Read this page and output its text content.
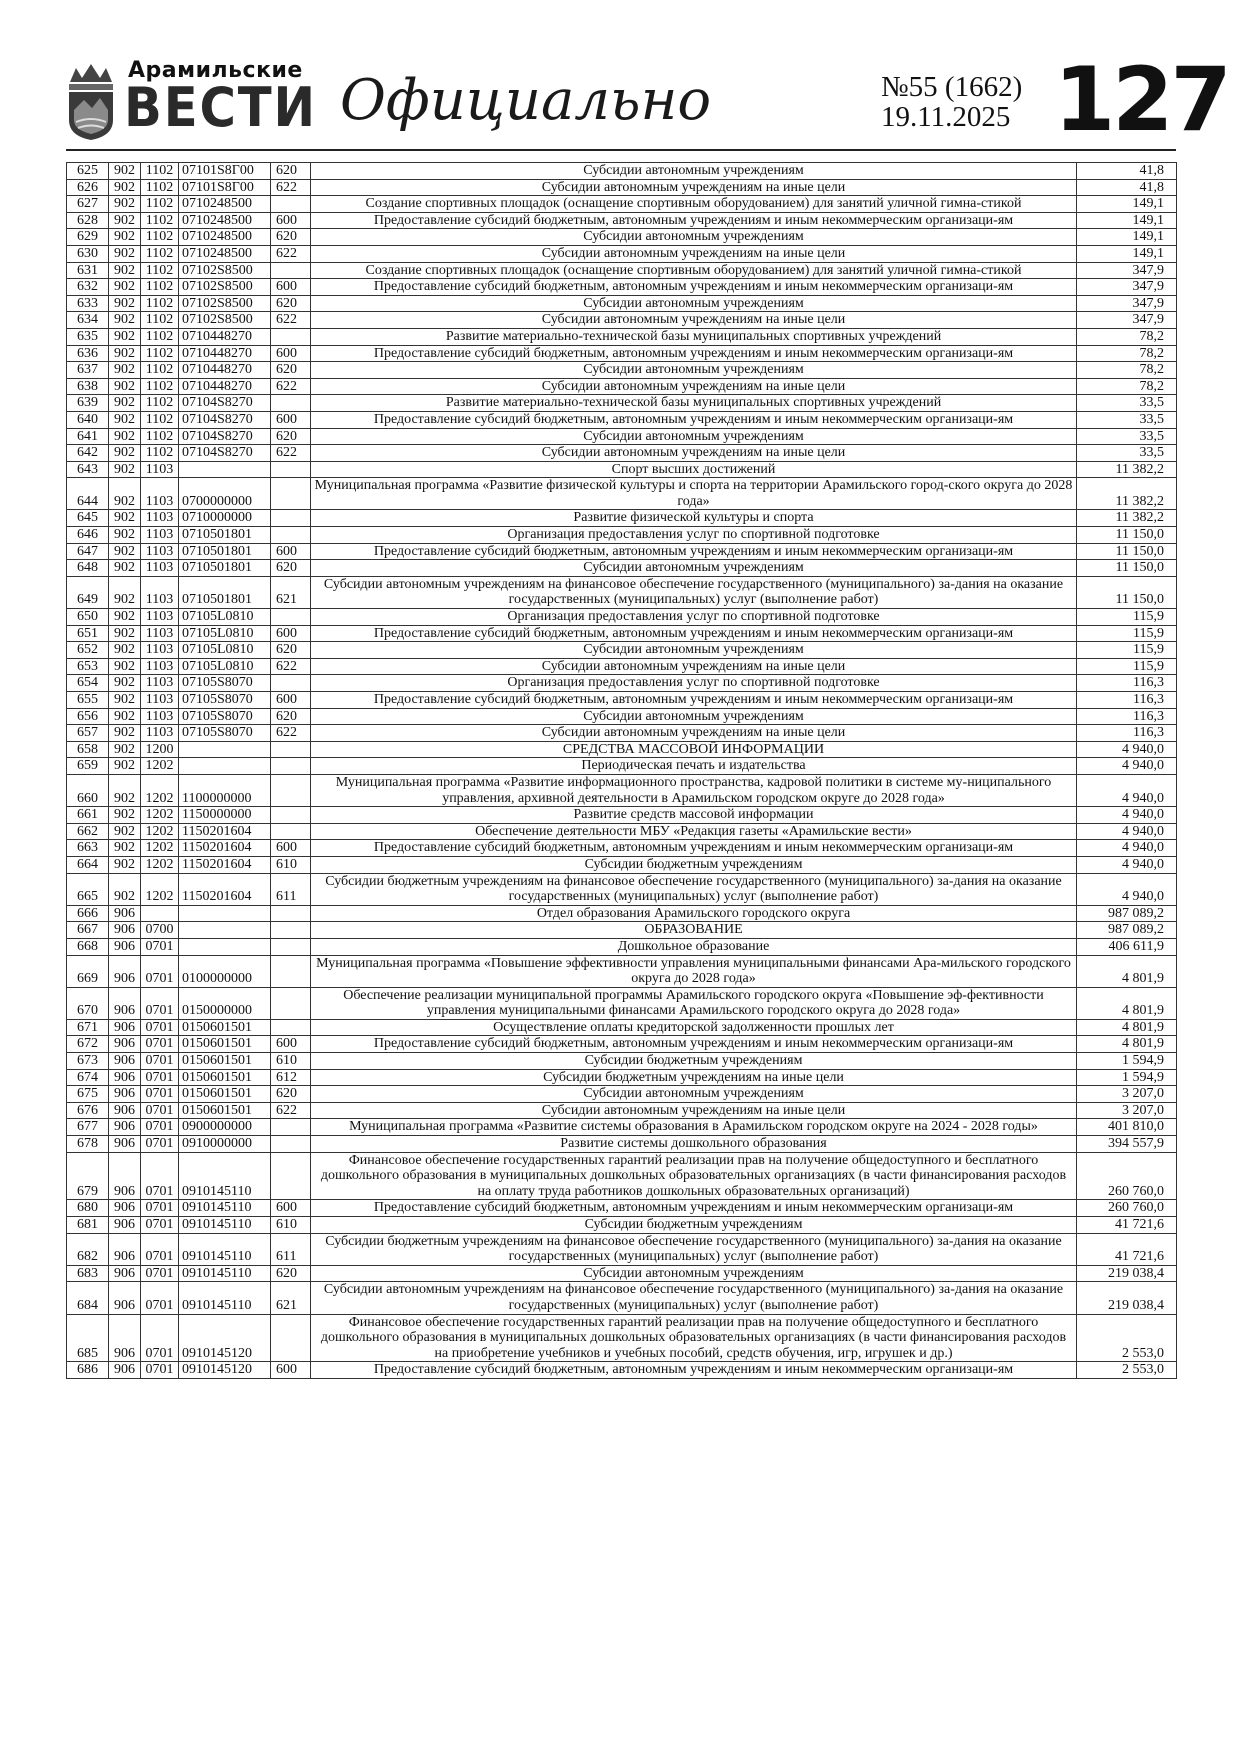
Арамильские
ВЕСТИ Официально	№55 (1662)
19.11.2025 127
625	902	1102	07101S8Г00	620	Субсидии автономным учреждениям	41,8
626	902	1102	07101S8Г00	622	Субсидии автономным учреждениям на иные цели	41,8
627	902	1102	0710248500		Создание спортивных площадок (оснащение спортивным оборудованием) для занятий уличной гимна-стикой	149,1
628	902	1102	0710248500	600	Предоставление субсидий бюджетным, автономным учреждениям и иным некоммерческим организаци-ям	149,1
629	902	1102	0710248500	620	Субсидии автономным учреждениям	149,1
630	902	1102	0710248500	622	Субсидии автономным учреждениям на иные цели	149,1
631	902	1102	07102S8500		Создание спортивных площадок (оснащение спортивным оборудованием) для занятий уличной гимна-стикой	347,9
632	902	1102	07102S8500	600	Предоставление субсидий бюджетным, автономным учреждениям и иным некоммерческим организаци-ям	347,9
633	902	1102	07102S8500	620	Субсидии автономным учреждениям	347,9
634	902	1102	07102S8500	622	Субсидии автономным учреждениям на иные цели	347,9
635	902	1102	0710448270		Развитие материально-технической базы муниципальных спортивных учреждений	78,2
636	902	1102	0710448270	600	Предоставление субсидий бюджетным, автономным учреждениям и иным некоммерческим организаци-ям	78,2
637	902	1102	0710448270	620	Субсидии автономным учреждениям	78,2
638	902	1102	0710448270	622	Субсидии автономным учреждениям на иные цели	78,2
639	902	1102	07104S8270		Развитие материально-технической базы муниципальных спортивных учреждений	33,5
640	902	1102	07104S8270	600	Предоставление субсидий бюджетным, автономным учреждениям и иным некоммерческим организаци-ям	33,5
641	902	1102	07104S8270	620	Субсидии автономным учреждениям	33,5
642	902	1102	07104S8270	622	Субсидии автономным учреждениям на иные цели	33,5
643	902	1103			Спорт высших достижений	11 382,2
644	902	1103	0700000000		Муниципальная программа «Развитие физической культуры и спорта на территории Арамильского город-ского округа до 2028 года»	11 382,2
645	902	1103	0710000000		Развитие физической культуры и спорта	11 382,2
646	902	1103	0710501801		Организация предоставления услуг по спортивной подготовке	11 150,0
647	902	1103	0710501801	600	Предоставление субсидий бюджетным, автономным учреждениям и иным некоммерческим организаци-ям	11 150,0
648	902	1103	0710501801	620	Субсидии автономным учреждениям	11 150,0
649	902	1103	0710501801	621	Субсидии автономным учреждениям на финансовое обеспечение государственного (муниципального) за-дания на оказание государственных (муниципальных) услуг (выполнение работ)	11 150,0
650	902	1103	07105L0810		Организация предоставления услуг по спортивной подготовке	115,9
651	902	1103	07105L0810	600	Предоставление субсидий бюджетным, автономным учреждениям и иным некоммерческим организаци-ям	115,9
652	902	1103	07105L0810	620	Субсидии автономным учреждениям	115,9
653	902	1103	07105L0810	622	Субсидии автономным учреждениям на иные цели	115,9
654	902	1103	07105S8070		Организация предоставления услуг по спортивной подготовке	116,3
655	902	1103	07105S8070	600	Предоставление субсидий бюджетным, автономным учреждениям и иным некоммерческим организаци-ям	116,3
656	902	1103	07105S8070	620	Субсидии автономным учреждениям	116,3
657	902	1103	07105S8070	622	Субсидии автономным учреждениям на иные цели	116,3
658	902	1200			СРЕДСТВА МАССОВОЙ ИНФОРМАЦИИ	4 940,0
659	902	1202			Периодическая печать и издательства	4 940,0
660	902	1202	1100000000		Муниципальная программа «Развитие информационного пространства, кадровой политики в системе му-ниципального управления, архивной деятельности в Арамильском городском округе до 2028 года»	4 940,0
661	902	1202	1150000000		Развитие средств массовой информации	4 940,0
662	902	1202	1150201604		Обеспечение деятельности МБУ «Редакция газеты «Арамильские вести»	4 940,0
663	902	1202	1150201604	600	Предоставление субсидий бюджетным, автономным учреждениям и иным некоммерческим организаци-ям	4 940,0
664	902	1202	1150201604	610	Субсидии бюджетным учреждениям	4 940,0
665	902	1202	1150201604	611	Субсидии бюджетным учреждениям на финансовое обеспечение государственного (муниципального) за-дания на оказание государственных (муниципальных) услуг (выполнение работ)	4 940,0
666	906				Отдел образования Арамильского городского округа	987 089,2
667	906	0700			ОБРАЗОВАНИЕ	987 089,2
668	906	0701			Дошкольное образование	406 611,9
669	906	0701	0100000000		Муниципальная программа «Повышение эффективности управления муниципальными финансами Ара-мильского городского округа до 2028 года»	4 801,9
670	906	0701	0150000000		Обеспечение реализации муниципальной программы Арамильского городского округа «Повышение эф-фективности управления муниципальными финансами Арамильского городского округа до 2028 года»	4 801,9
671	906	0701	0150601501		Осуществление оплаты кредиторской задолженности прошлых лет	4 801,9
672	906	0701	0150601501	600	Предоставление субсидий бюджетным, автономным учреждениям и иным некоммерческим организаци-ям	4 801,9
673	906	0701	0150601501	610	Субсидии бюджетным учреждениям	1 594,9
674	906	0701	0150601501	612	Субсидии бюджетным учреждениям на иные цели	1 594,9
675	906	0701	0150601501	620	Субсидии автономным учреждениям	3 207,0
676	906	0701	0150601501	622	Субсидии автономным учреждениям на иные цели	3 207,0
677	906	0701	0900000000		Муниципальная программа «Развитие системы образования в Арамильском городском округе на 2024 - 2028 годы»	401 810,0
678	906	0701	0910000000		Развитие системы дошкольного образования	394 557,9
679	906	0701	0910145110		Финансовое обеспечение государственных гарантий реализации прав на получение общедоступного и бесплатного дошкольного образования в муниципальных дошкольных образовательных организациях (в части финансирования расходов на оплату труда работников дошкольных образовательных организаций)	260 760,0
680	906	0701	0910145110	600	Предоставление субсидий бюджетным, автономным учреждениям и иным некоммерческим организаци-ям	260 760,0
681	906	0701	0910145110	610	Субсидии бюджетным учреждениям	41 721,6
682	906	0701	0910145110	611	Субсидии бюджетным учреждениям на финансовое обеспечение государственного (муниципального) за-дания на оказание государственных (муниципальных) услуг (выполнение работ)	41 721,6
683	906	0701	0910145110	620	Субсидии автономным учреждениям	219 038,4
684	906	0701	0910145110	621	Субсидии автономным учреждениям на финансовое обеспечение государственного (муниципального) за-дания на оказание государственных (муниципальных) услуг (выполнение работ)	219 038,4
685	906	0701	0910145120		Финансовое обеспечение государственных гарантий реализации прав на получение общедоступного и бесплатного дошкольного образования в муниципальных дошкольных образовательных организациях (в части финансирования расходов на приобретение учебников и учебных пособий, средств обучения, игр, игрушек и др.)	2 553,0
686	906	0701	0910145120	600	Предоставление субсидий бюджетным, автономным учреждениям и иным некоммерческим организаци-ям	2 553,0
